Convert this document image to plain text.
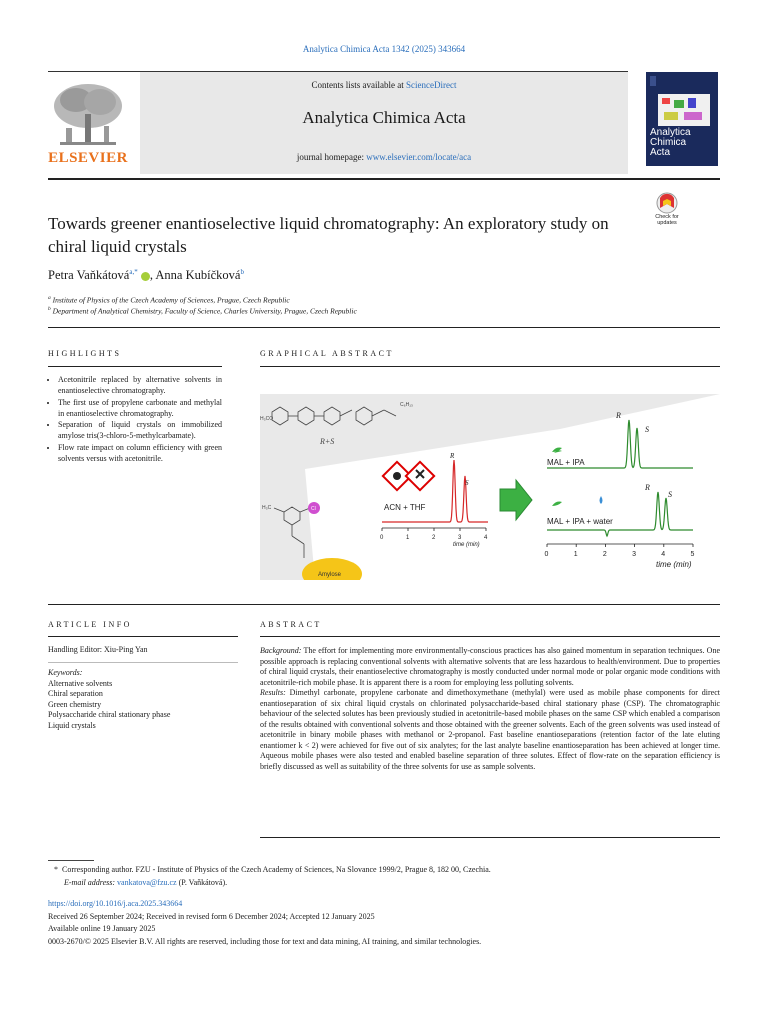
Analytica Chimica Acta 1342 (2025) 343664
ELSEVIER
Contents lists available at ScienceDirect
Analytica Chimica Acta
journal homepage: www.elsevier.com/locate/aca
Analytica
Chimica
Acta
Towards greener enantioselective liquid chromatography: An exploratory study on chiral liquid crystals
Check for
updates
Petra Vaňkátová$^{a,*}$ , Anna Kubíčková$^b$
$^a$ Institute of Physics of the Czech Academy of Sciences, Prague, Czech Republic
$^b$ Department of Analytical Chemistry, Faculty of Science, Charles University, Prague, Czech Republic
HIGHLIGHTS
• Acetonitrile replaced by alternative solvents in enantioselective chromatography.
• The first use of propylene carbonate and methylal in enantioselective chromatography.
• Separation of liquid crystals on immobilized amylose tris(3-chloro-5-methylcarbamate).
• Flow rate impact on column efficiency with green solvents versus with acetonitrile.
GRAPHICAL ABSTRACT
H₃CO
C₆H₁₃
R+S
H₃C	Cl
Amylose
ACN + THF
0	1	2	3	4
R
S
time (min)
0	1	2	3	4	5
R
S
R
S
MAL + IPA
MAL + IPA + water
time (min)
ARTICLE INFO
Handling Editor: Xiu-Ping Yan
Keywords:
Alternative solvents
Chiral separation
Green chemistry
Polysaccharide chiral stationary phase
Liquid crystals
ABSTRACT
Background: The effort for implementing more environmentally-conscious practices has also gained momentum in separation techniques. One possible approach is replacing conventional solvents with alternative solvents that are less hazardous to health/environment. Due to properties of chiral liquid crystals, their enantioselective chromatography is mostly conducted under normal mode or polar organic mode conditions with acetonitrile-rich mobile phase. It is apparent there is a room for employing less polluting solvents.
Results: Dimethyl carbonate, propylene carbonate and dimethoxymethane (methylal) were used as mobile phase components for direct enantioseparation of six chiral liquid crystals on chlorinated polysaccharide-based chiral stationary phase (CSP). The chromatographic behaviour of the selected solutes has been previously studied in acetonitrile-based mobile phases on the same CSP which enabled a comparison of the results obtained with conventional solvents and those obtained with the greener solvents. Each of the green solvents was used instead of acetonitrile in binary mobile phases with methanol or 2-propanol. Fast baseline enantioseparations (retention factor of the late eluting enantiomer k < 2) were achieved for five out of six analytes; for the last analyte baseline enantioseparation has been achieved at longer time. Aqueous mobile phases were also tested and enabled baseline separation of three solutes. Effect of flow-rate on the separation efficiency is briefly discussed as well as suitability of the three solvents for use as sample solvents.
* Corresponding author. FZU - Institute of Physics of the Czech Academy of Sciences, Na Slovance 1999/2, Prague 8, 182 00, Czechia.
E-mail address: vankatova@fzu.cz (P. Vaňkátová).
https://doi.org/10.1016/j.aca.2025.343664
Received 26 September 2024; Received in revised form 6 December 2024; Accepted 12 January 2025
Available online 19 January 2025
0003-2670/© 2025 Elsevier B.V. All rights are reserved, including those for text and data mining, AI training, and similar technologies.
